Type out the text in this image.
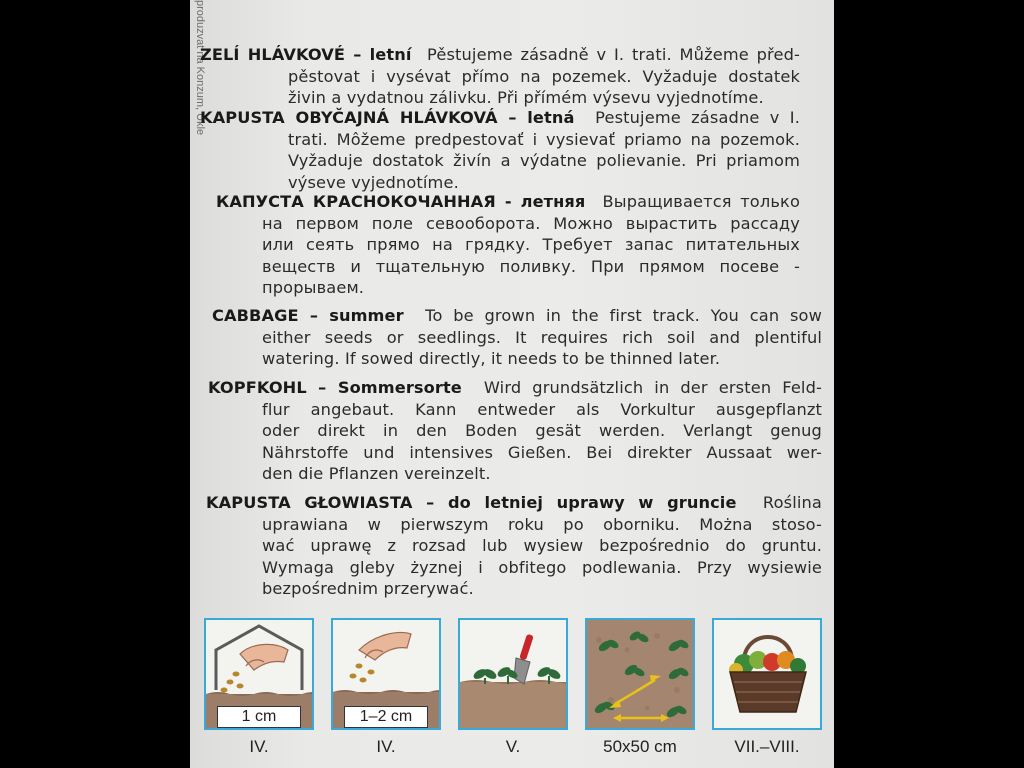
produzvat na Konzum, Ukle
ZELÍ HLÁVKOVÉ – letní Pěstujeme zásadně v I. trati. Můžeme před-
pěstovat i vysévat přímo na pozemek. Vyžaduje dostatek
živin a vydatnou zálivku. Při přímém výsevu vyjednotíme.
KAPUSTA OBYČAJNÁ HLÁVKOVÁ – letná Pestujeme zásadne v I.
trati. Môžeme predpestovať i vysievať priamo na pozemok.
Vyžaduje dostatok živín a výdatne polievanie. Pri priamom
výseve vyjednotíme.
КАПУСТА КРАСНОКОЧАННАЯ - летняя Выращивается только
на первом поле севооборота. Можно вырастить рассаду
или сеять прямо на грядку. Требует запас питательных
веществ и тщательную поливку. При прямом посеве -
прорываем.
CABBAGE – summer To be grown in the first track. You can sow
either seeds or seedlings. It requires rich soil and plentiful
watering. If sowed directly, it needs to be thinned later.
KOPFKOHL – Sommersorte Wird grundsätzlich in der ersten Feld-
flur angebaut. Kann entweder als Vorkultur ausgepflanzt
oder direkt in den Boden gesät werden. Verlangt genug
Nährstoffe und intensives Gießen. Bei direkter Aussaat wer-
den die Pflanzen vereinzelt.
KAPUSTA GŁOWIASTA – do letniej uprawy w gruncie Roślina
uprawiana w pierwszym roku po oborniku. Można stoso-
wać uprawę z rozsad lub wysiew bezpośrednio do gruntu.
Wymaga gleby żyznej i obfitego podlewania. Przy wysiewie
bezpośrednim przerywać.
1 cm	1–2 cm
IV.	IV.	V.	50x50 cm	VII.–VIII.
